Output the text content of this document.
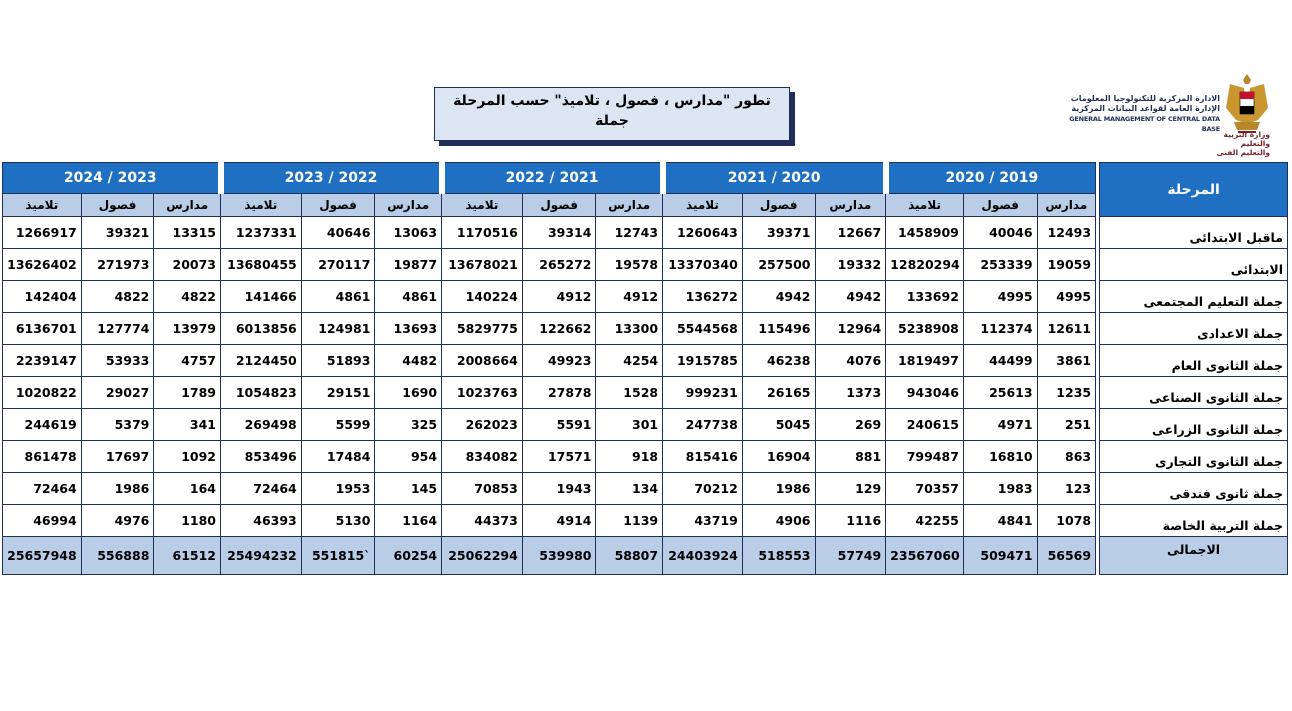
تطور "مدارس ، فصول ، تلاميذ" حسب المرحلة
جملة
الادارة المركزية للتكنولوجيا المعلومات
الإدارة العامة لقواعد البيانات المركزية
GENERAL MANAGEMENT OF CENTRAL DATA BASE
وزارة التربية والتعليم
والتعليم الفنى
2024 / 2023			2023 / 2022			2022 / 2021			2021 / 2020			2020 / 2019				المرحلة
تلاميذ	فصول	مدارس	تلاميذ	فصول	مدارس	تلاميذ	فصول	مدارس	تلاميذ	فصول	مدارس	تلاميذ	فصول	مدارس		
1266917	39321	13315	1237331	40646	13063	1170516	39314	12743	1260643	39371	12667	1458909	40046	12493		ماقبل الابتدائى
13626402	271973	20073	13680455	270117	19877	13678021	265272	19578	13370340	257500	19332	12820294	253339	19059		الابتدائى
142404	4822	4822	141466	4861	4861	140224	4912	4912	136272	4942	4942	133692	4995	4995		جملة التعليم المجتمعى
6136701	127774	13979	6013856	124981	13693	5829775	122662	13300	5544568	115496	12964	5238908	112374	12611		جملة الاعدادى
2239147	53933	4757	2124450	51893	4482	2008664	49923	4254	1915785	46238	4076	1819497	44499	3861		جملة الثانوى العام
1020822	29027	1789	1054823	29151	1690	1023763	27878	1528	999231	26165	1373	943046	25613	1235		جملة الثانوى الصناعى
244619	5379	341	269498	5599	325	262023	5591	301	247738	5045	269	240615	4971	251		جملة الثانوى الزراعى
861478	17697	1092	853496	17484	954	834082	17571	918	815416	16904	881	799487	16810	863		جملة الثانوى التجارى
72464	1986	164	72464	1953	145	70853	1943	134	70212	1986	129	70357	1983	123		جملة ثانوى فندقى
46994	4976	1180	46393	5130	1164	44373	4914	1139	43719	4906	1116	42255	4841	1078		جملة التربية الخاصة
25657948	556888	61512	25494232	551815`	60254	25062294	539980	58807	24403924	518553	57749	23567060	509471	56569		الاجمالى
